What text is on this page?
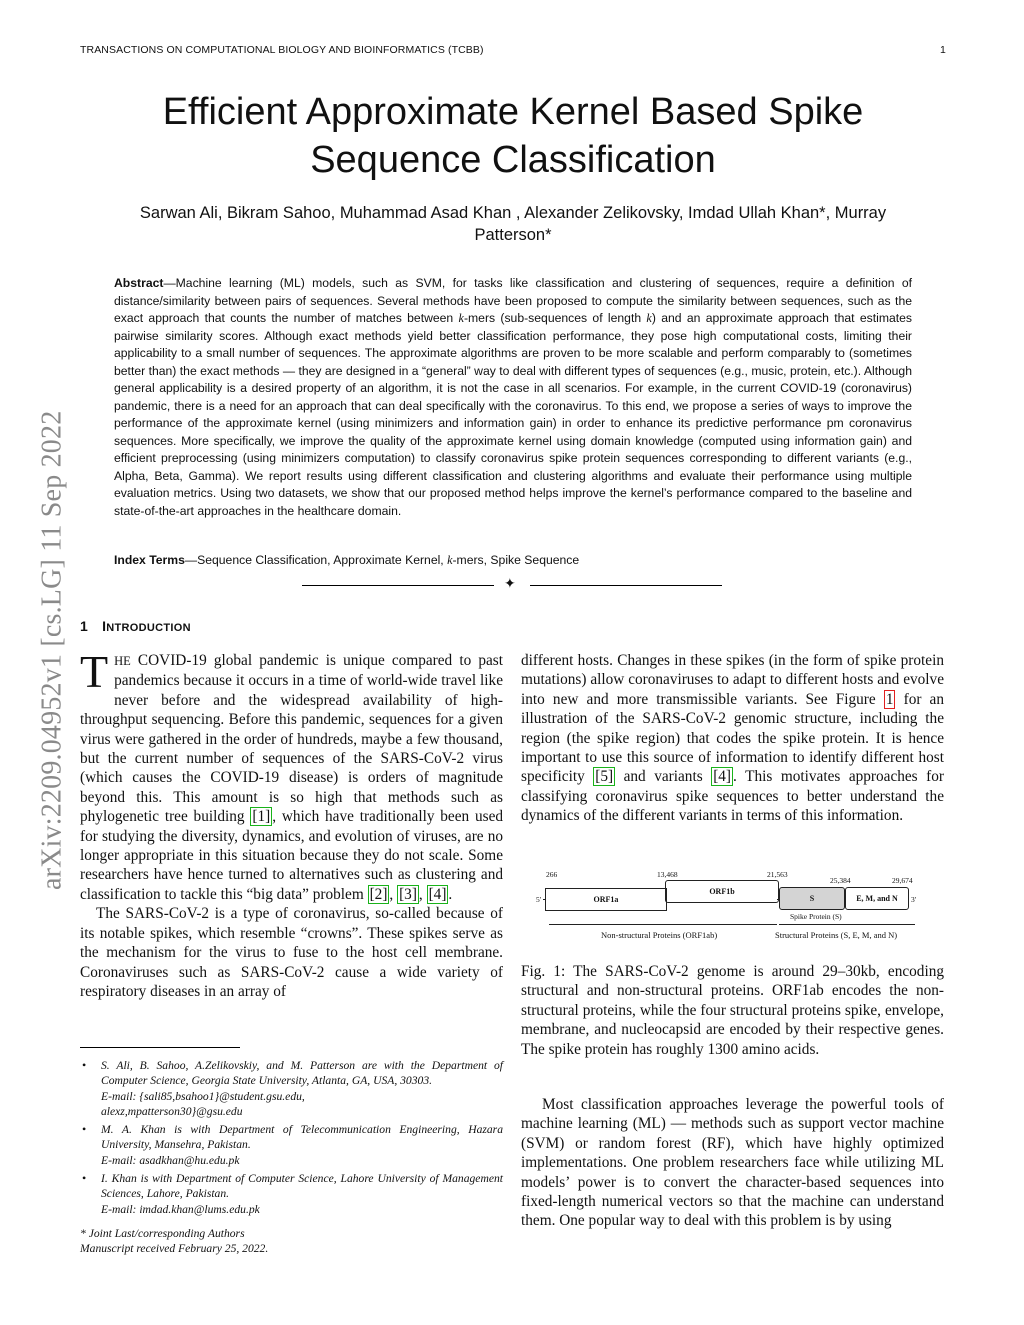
TRANSACTIONS ON COMPUTATIONAL BIOLOGY AND BIOINFORMATICS (TCBB)	1
arXiv:2209.04952v1 [cs.LG] 11 Sep 2022
Efficient Approximate Kernel Based Spike
Sequence Classification
Sarwan Ali, Bikram Sahoo, Muhammad Asad Khan , Alexander Zelikovsky, Imdad Ullah Khan*, Murray
Patterson*
Abstract—Machine learning (ML) models, such as SVM, for tasks like classification and clustering of sequences, require a definition of distance/similarity between pairs of sequences. Several methods have been proposed to compute the similarity between sequences, such as the exact approach that counts the number of matches between k-mers (sub-sequences of length k) and an approximate approach that estimates pairwise similarity scores. Although exact methods yield better classification performance, they pose high computational costs, limiting their applicability to a small number of sequences. The approximate algorithms are proven to be more scalable and perform comparably to (sometimes better than) the exact methods — they are designed in a “general” way to deal with different types of sequences (e.g., music, protein, etc.). Although general applicability is a desired property of an algorithm, it is not the case in all scenarios. For example, in the current COVID-19 (coronavirus) pandemic, there is a need for an approach that can deal specifically with the coronavirus. To this end, we propose a series of ways to improve the performance of the approximate kernel (using minimizers and information gain) in order to enhance its predictive performance pm coronavirus sequences. More specifically, we improve the quality of the approximate kernel using domain knowledge (computed using information gain) and efficient preprocessing (using minimizers computation) to classify coronavirus spike protein sequences corresponding to different variants (e.g., Alpha, Beta, Gamma). We report results using different classification and clustering algorithms and evaluate their performance using multiple evaluation metrics. Using two datasets, we show that our proposed method helps improve the kernel’s performance compared to the baseline and state-of-the-art approaches in the healthcare domain.
Index Terms—Sequence Classification, Approximate Kernel, k-mers, Spike Sequence
✦
1 INTRODUCTION

THE COVID-19 global pandemic is unique compared to past pandemics because it occurs in a time of world-wide travel like never before and the widespread availability of high-throughput sequencing. Before this pandemic, sequences for a given virus were gathered in the order of hundreds, maybe a few thousand, but the current number of sequences of the SARS-CoV-2 virus (which causes the COVID-19 disease) is orders of magnitude beyond this. This amount is so high that methods such as phylogenetic tree building [1] , which have traditionally been used for studying the diversity, dynamics, and evolution of viruses, are no longer appropriate in this situation because they do not scale. Some researchers have hence turned to alternatives such as clustering and classification to tackle this “big data” problem [2] , [3] , [4] .

The SARS-CoV-2 is a type of coronavirus, so-called because of its notable spikes, which resemble “crowns”. These spikes serve as the mechanism for the virus to fuse to the host cell membrane. Coronaviruses such as SARS-CoV-2 cause a wide variety of respiratory diseases in an array of

• S. Ali, B. Sahoo, A.Zelikovskiy, and M. Patterson are with the Department of Computer Science, Georgia State University, Atlanta, GA, USA, 30303.
E-mail: {sali85,bsahoo1}@student.gsu.edu,
alexz,mpatterson30}@gsu.edu
• M. A. Khan is with Department of Telecommunication Engineering, Hazara University, Mansehra, Pakistan.
E-mail: asadkhan@hu.edu.pk
• I. Khan is with Department of Computer Science, Lahore University of Management Sciences, Lahore, Pakistan.
E-mail: imdad.khan@lums.edu.pk
* Joint Last/corresponding Authors
Manuscript received February 25, 2022.

different hosts. Changes in these spikes (in the form of spike protein mutations) allow coronaviruses to adapt to different hosts and evolve into new and more transmissible variants. See Figure 1 for an illustration of the SARS-CoV-2 genomic structure, including the region (the spike region) that codes the spike protein. It is hence important to use this source of information to identify different host specificity [5] and variants [4] . This motivates approaches for classifying coronavirus spike sequences to better understand the dynamics of the different variants in terms of this information.

266	13,468	21,563
25,384	29,674
5'	ORF1a
ORF1b
S	E, M, and N 3'
Spike Protein (S)
Non-structural Proteins (ORF1ab)	Structural Proteins (S, E, M, and N)
Fig. 1: The SARS-CoV-2 genome is around 29–30kb, encoding structural and non-structural proteins. ORF1ab encodes the non-structural proteins, while the four structural proteins spike, envelope, membrane, and nucleocapsid are encoded by their respective genes. The spike protein has roughly 1300 amino acids.
Most classification approaches leverage the powerful tools of machine learning (ML) — methods such as support vector machine (SVM) or random forest (RF), which have highly optimized implementations. One problem researchers face while utilizing ML models’ power is to convert the character-based sequences into fixed-length numerical vectors so that the machine can understand them. One popular way to deal with this problem is by using
